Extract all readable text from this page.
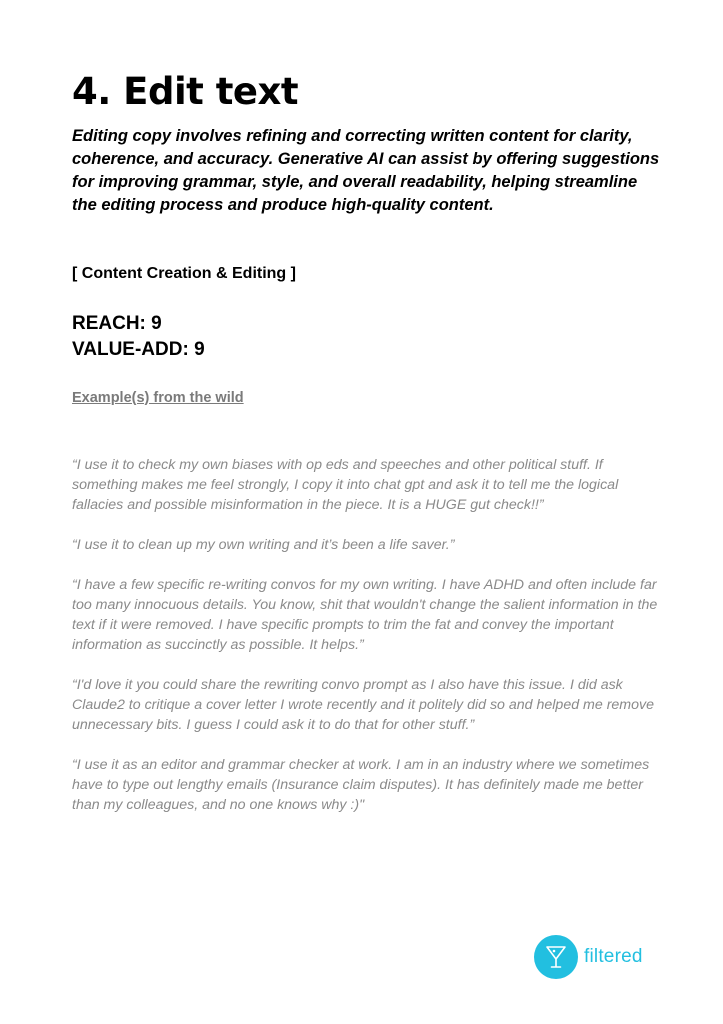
4. Edit text

Editing copy involves refining and correcting written content for clarity, coherence, and accuracy. Generative AI can assist by offering suggestions for improving grammar, style, and overall readability, helping streamline the editing process and produce high-quality content.

[ Content Creation & Editing ]

REACH: 9

VALUE-ADD: 9

Example(s) from the wild

“I use it to check my own biases with op eds and speeches and other political stuff. If something makes me feel strongly, I copy it into chat gpt and ask it to tell me the logical fallacies and possible misinformation in the piece. It is a HUGE gut check!!”

“I use it to clean up my own writing and it’s been a life saver.”

“I have a few specific re-writing convos for my own writing. I have ADHD and often include far too many innocuous details. You know, shit that wouldn't change the salient information in the text if it were removed. I have specific prompts to trim the fat and convey the important information as succinctly as possible. It helps.”

“I'd love it you could share the rewriting convo prompt as I also have this issue. I did ask Claude2 to critique a cover letter I wrote recently and it politely did so and helped me remove unnecessary bits. I guess I could ask it to do that for other stuff.”

“I use it as an editor and grammar checker at work. I am in an industry where we sometimes have to type out lengthy emails (Insurance claim disputes). It has definitely made me better than my colleagues, and no one knows why :)"

filtered
